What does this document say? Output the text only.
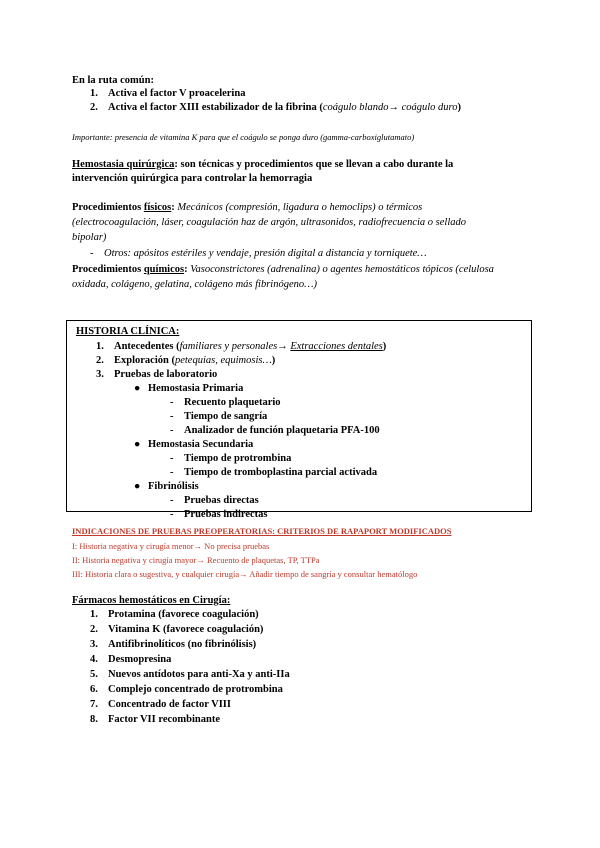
En la ruta común:
1. Activa el factor V proacelerina
2. Activa el factor XIII estabilizador de la fibrina (coágulo blando→ coágulo duro)
Importante: presencia de vitamina K para que el coágulo se ponga duro (gamma-carboxiglutamato)
Hemostasia quirúrgica: son técnicas y procedimientos que se llevan a cabo durante la
intervención quirúrgica para controlar la hemorragia
Procedimientos físicos: Mecánicos (compresión, ligadura o hemoclips) o térmicos
(electrocoagulación, láser, coagulación haz de argón, ultrasonidos, radiofrecuencia o sellado
bipolar)
- Otros: apósitos estériles y vendaje, presión digital a distancia y torniquete…
Procedimientos químicos: Vasoconstrictores (adrenalina) o agentes hemostáticos tópicos (celulosa
oxidada, colágeno, gelatina, colágeno más fibrinógeno…)
HISTORIA CLÍNICA:
1. Antecedentes (familiares y personales→ Extracciones dentales)
2. Exploración (petequias, equimosis…)
3. Pruebas de laboratorio
● Hemostasia Primaria
- Recuento plaquetario
- Tiempo de sangría
- Analizador de función plaquetaria PFA-100
● Hemostasia Secundaria
- Tiempo de protrombina
- Tiempo de tromboplastina parcial activada
● Fibrinólisis
- Pruebas directas
- Pruebas indirectas
INDICACIONES DE PRUEBAS PREOPERATORIAS: CRITERIOS DE RAPAPORT MODIFICADOS
I: Historia negativa y cirugía menor→ No precisa pruebas
II: Historia negativa y cirugía mayor→ Recuento de plaquetas, TP, TTPa
III: Historia clara o sugestiva, y cualquier cirugía→ Añadir tiempo de sangría y consultar hematólogo
Fármacos hemostáticos en Cirugía:
1. Protamina (favorece coagulación)
2. Vitamina K (favorece coagulación)
3. Antifibrinolíticos (no fibrinólisis)
4. Desmopresina
5. Nuevos antídotos para anti-Xa y anti-IIa
6. Complejo concentrado de protrombina
7. Concentrado de factor VIII
8. Factor VII recombinante
